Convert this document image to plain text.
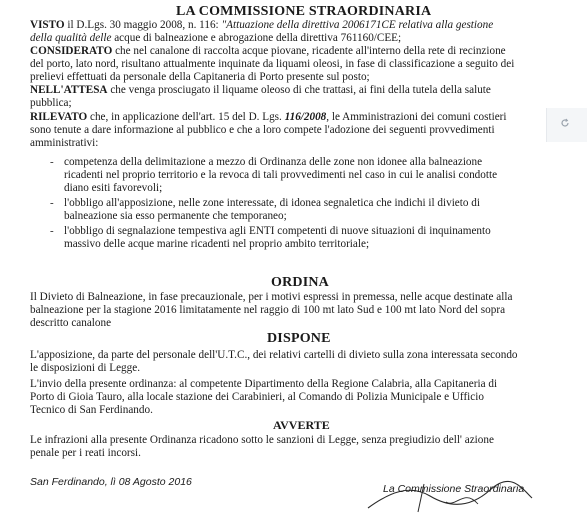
LA COMMISSIONE STRAORDINARIA
VISTO il D.Lgs. 30 maggio 2008, n. 116: "Attuazione della direttiva 2006171CE relativa alla gestione
della qualità delle acque di balneazione e abrogazione della direttiva 761160/CEE;
CONSIDERATO che nel canalone di raccolta acque piovane, ricadente all'interno della rete di recinzione
del porto, lato nord, risultano attualmente inquinate da liquami oleosi, in fase di classificazione a seguito dei
prelievi effettuati da personale della Capitaneria di Porto presente sul posto;
NELL'ATTESA che venga prosciugato il liquame oleoso di che trattasi, ai fini della tutela della salute
pubblica;
RILEVATO che, in applicazione dell'art. 15 del D. Lgs. 116/2008, le Amministrazioni dei comuni costieri
sono tenute a dare informazione al pubblico e che a loro compete l'adozione dei seguenti provvedimenti
amministrativi:
- competenza della delimitazione a mezzo di Ordinanza delle zone non idonee alla balneazione
ricadenti nel proprio territorio e la revoca di tali provvedimenti nel caso in cui le analisi condotte
diano esiti favorevoli;
- l'obbligo all'apposizione, nelle zone interessate, di idonea segnaletica che indichi il divieto di
balneazione sia esso permanente che temporaneo;
- l'obbligo di segnalazione tempestiva agli ENTI competenti di nuove situazioni di inquinamento
massivo delle acque marine ricadenti nel proprio ambito territoriale;
ORDINA
Il Divieto di Balneazione, in fase precauzionale, per i motivi espressi in premessa, nelle acque destinate alla
balneazione per la stagione 2016 limitatamente nel raggio di 100 mt lato Sud e 100 mt lato Nord del sopra
descritto canalone
DISPONE
L'apposizione, da parte del personale dell'U.T.C., dei relativi cartelli di divieto sulla zona interessata secondo
le disposizioni di Legge.
L'invio della presente ordinanza: al competente Dipartimento della Regione Calabria, alla Capitaneria di
Porto di Gioia Tauro, alla locale stazione dei Carabinieri, al Comando di Polizia Municipale e Ufficio
Tecnico di San Ferdinando.
AVVERTE
Le infrazioni alla presente Ordinanza ricadono sotto le sanzioni di Legge, senza pregiudizio dell' azione
penale per i reati incorsi.
San Ferdinando, lì 08 Agosto 2016
La Commissione Straordinaria
